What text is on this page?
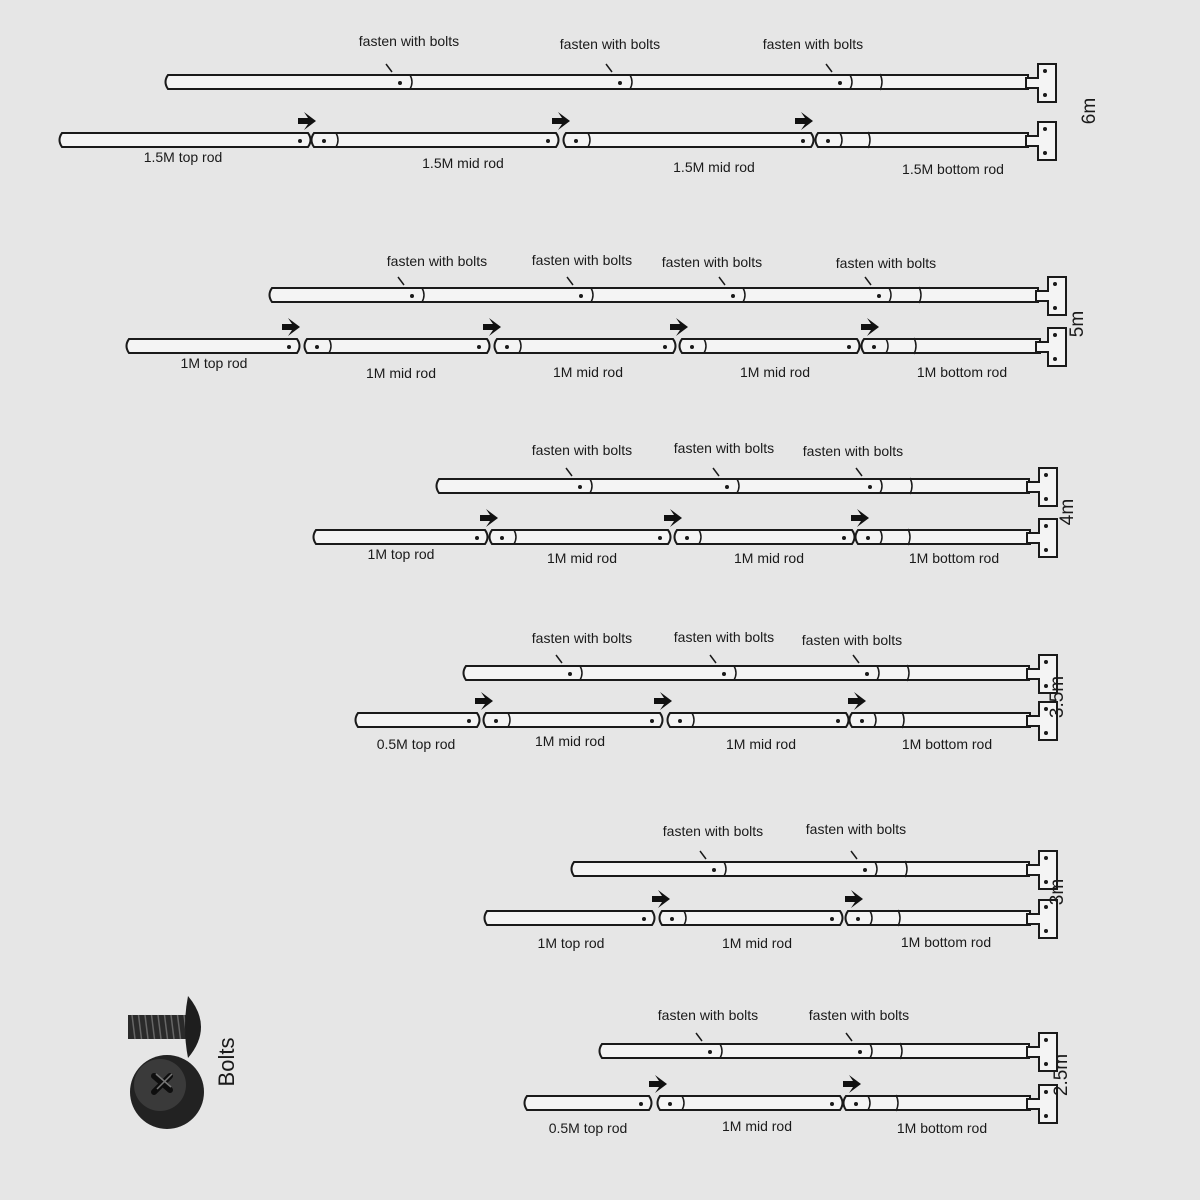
fasten with bolts	fasten with bolts	fasten with bolts
1.5M top rod	1.5M mid rod	1.5M mid rod	1.5M bottom rod
6m
fasten with bolts	fasten with bolts fasten with bolts	fasten with bolts
1M top rod
1M mid rod	1M mid rod	1M mid rod	1M bottom rod
5m
fasten with bolts	fasten with bolts fasten with bolts
1M top rod	1M mid rod	1M mid rod	1M bottom rod
4m
fasten with bolts	fasten with bolts fasten with bolts
0.5M top rod	1M mid rod	1M mid rod	1M bottom rod
3.5m
fasten with bolts	fasten with bolts
1M top rod	1M mid rod	1M bottom rod
3m
fasten with bolts	fasten with bolts
0.5M top rod	1M mid rod	1M bottom rod
2.5m
Bolts
